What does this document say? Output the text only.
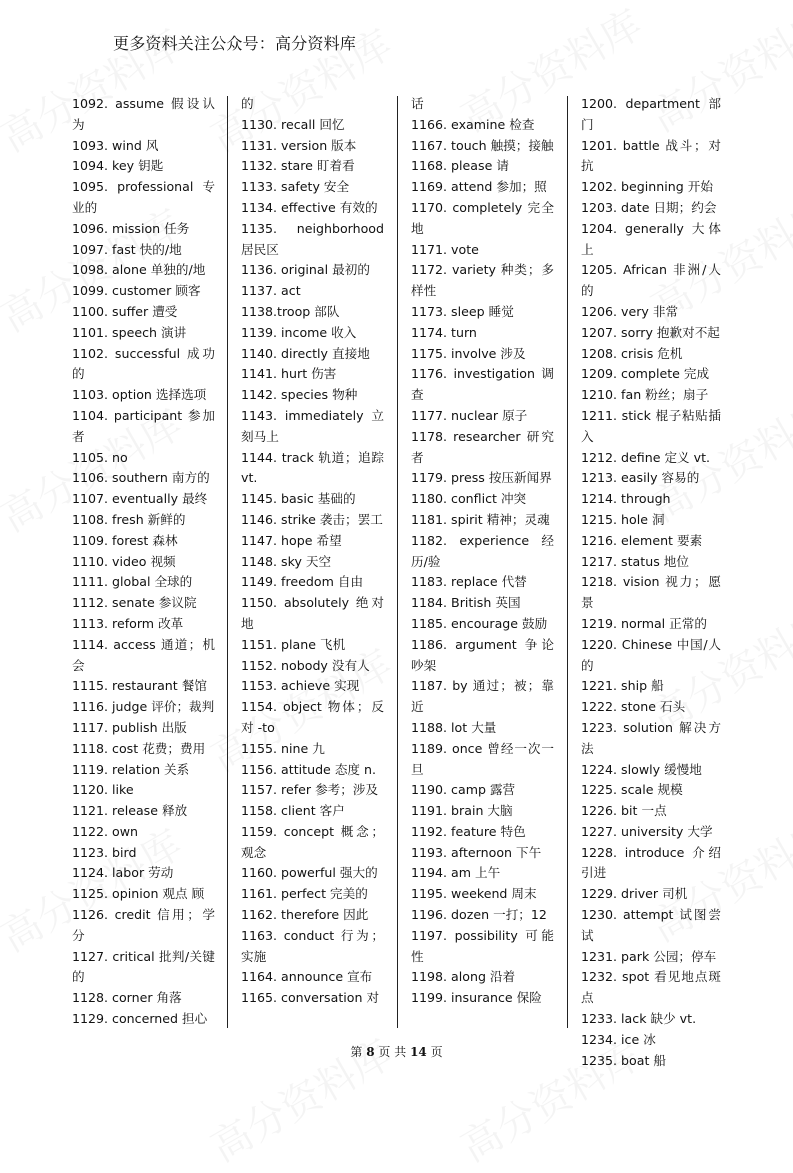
更多资料关注公众号：高分资料库
1092. assume 假设认为
1093. wind 风
1094. key 钥匙
1095. professional 专业的
1096. mission 任务
1097. fast 快的/地
1098. alone 单独的/地
1099. customer 顾客
1100. suffer 遭受
1101. speech 演讲
1102. successful 成功的
1103. option 选择选项
1104. participant 参加者
1105. no
1106. southern 南方的
1107. eventually 最终
1108. fresh 新鲜的
1109. forest 森林
1110. video 视频
1111. global 全球的
1112. senate 参议院
1113. reform 改革
1114. access 通道；机会
1115. restaurant 餐馆
1116. judge 评价；裁判
1117. publish 出版
1118. cost 花费；费用
1119. relation 关系
1120. like
1121. release 释放
1122. own
1123. bird
1124. labor 劳动
1125. opinion 观点 顾
1126. credit 信用；学分
1127. critical 批判/关键的
1128. corner 角落
1129. concerned 担心
的
1130. recall 回忆
1131. version 版本
1132. stare 盯着看
1133. safety 安全
1134. effective 有效的
1135. neighborhood 居民区
1136. original 最初的
1137. act
1138.troop 部队
1139. income 收入
1140. directly 直接地
1141. hurt 伤害
1142. species 物种
1143. immediately 立刻马上
1144. track 轨道；追踪 vt.
1145. basic 基础的
1146. strike 袭击；罢工
1147. hope 希望
1148. sky 天空
1149. freedom 自由
1150. absolutely 绝对地
1151. plane 飞机
1152. nobody 没有人
1153. achieve 实现
1154. object 物体；反对 -to
1155. nine 九
1156. attitude 态度 n.
1157. refer 参考；涉及
1158. client 客户
1159. concept 概念；观念
1160. powerful 强大的
1161. perfect 完美的
1162. therefore 因此
1163. conduct 行为；实施
1164. announce 宣布
1165. conversation 对
话
1166. examine 检查
1167. touch 触摸；接触
1168. please 请
1169. attend 参加；照
1170. completely 完全地
1171. vote
1172. variety 种类；多样性
1173. sleep 睡觉
1174. turn
1175. involve 涉及
1176. investigation 调查
1177. nuclear 原子
1178. researcher 研究者
1179. press 按压新闻界
1180. conflict 冲突
1181. spirit 精神；灵魂
1182. experience 经历/验
1183. replace 代替
1184. British 英国
1185. encourage 鼓励
1186. argument 争论吵架
1187. by 通过；被；靠近
1188. lot 大量
1189. once 曾经一次一旦
1190. camp 露营
1191. brain 大脑
1192. feature 特色
1193. afternoon 下午
1194. am 上午
1195. weekend 周末
1196. dozen 一打；12
1197. possibility 可能性
1198. along 沿着
1199. insurance 保险
1200. department 部门
1201. battle 战斗；对抗
1202. beginning 开始
1203. date 日期；约会
1204. generally 大体上
1205. African 非洲/人的
1206. very 非常
1207. sorry 抱歉对不起
1208. crisis 危机
1209. complete 完成
1210. fan 粉丝；扇子
1211. stick 棍子粘贴插入
1212. define 定义 vt.
1213. easily 容易的
1214. through
1215. hole 洞
1216. element 要素
1217. status 地位
1218. vision 视力；愿景
1219. normal 正常的
1220. Chinese 中国/人的
1221. ship 船
1222. stone 石头
1223. solution 解决方法
1224. slowly 缓慢地
1225. scale 规模
1226. bit 一点
1227. university 大学
1228. introduce 介绍引进
1229. driver 司机
1230. attempt 试图尝试
1231. park 公园；停车
1232. spot 看见地点斑点
1233. lack 缺少 vt.
1234. ice 冰
1235. boat 船
第 8 页 共 14 页
